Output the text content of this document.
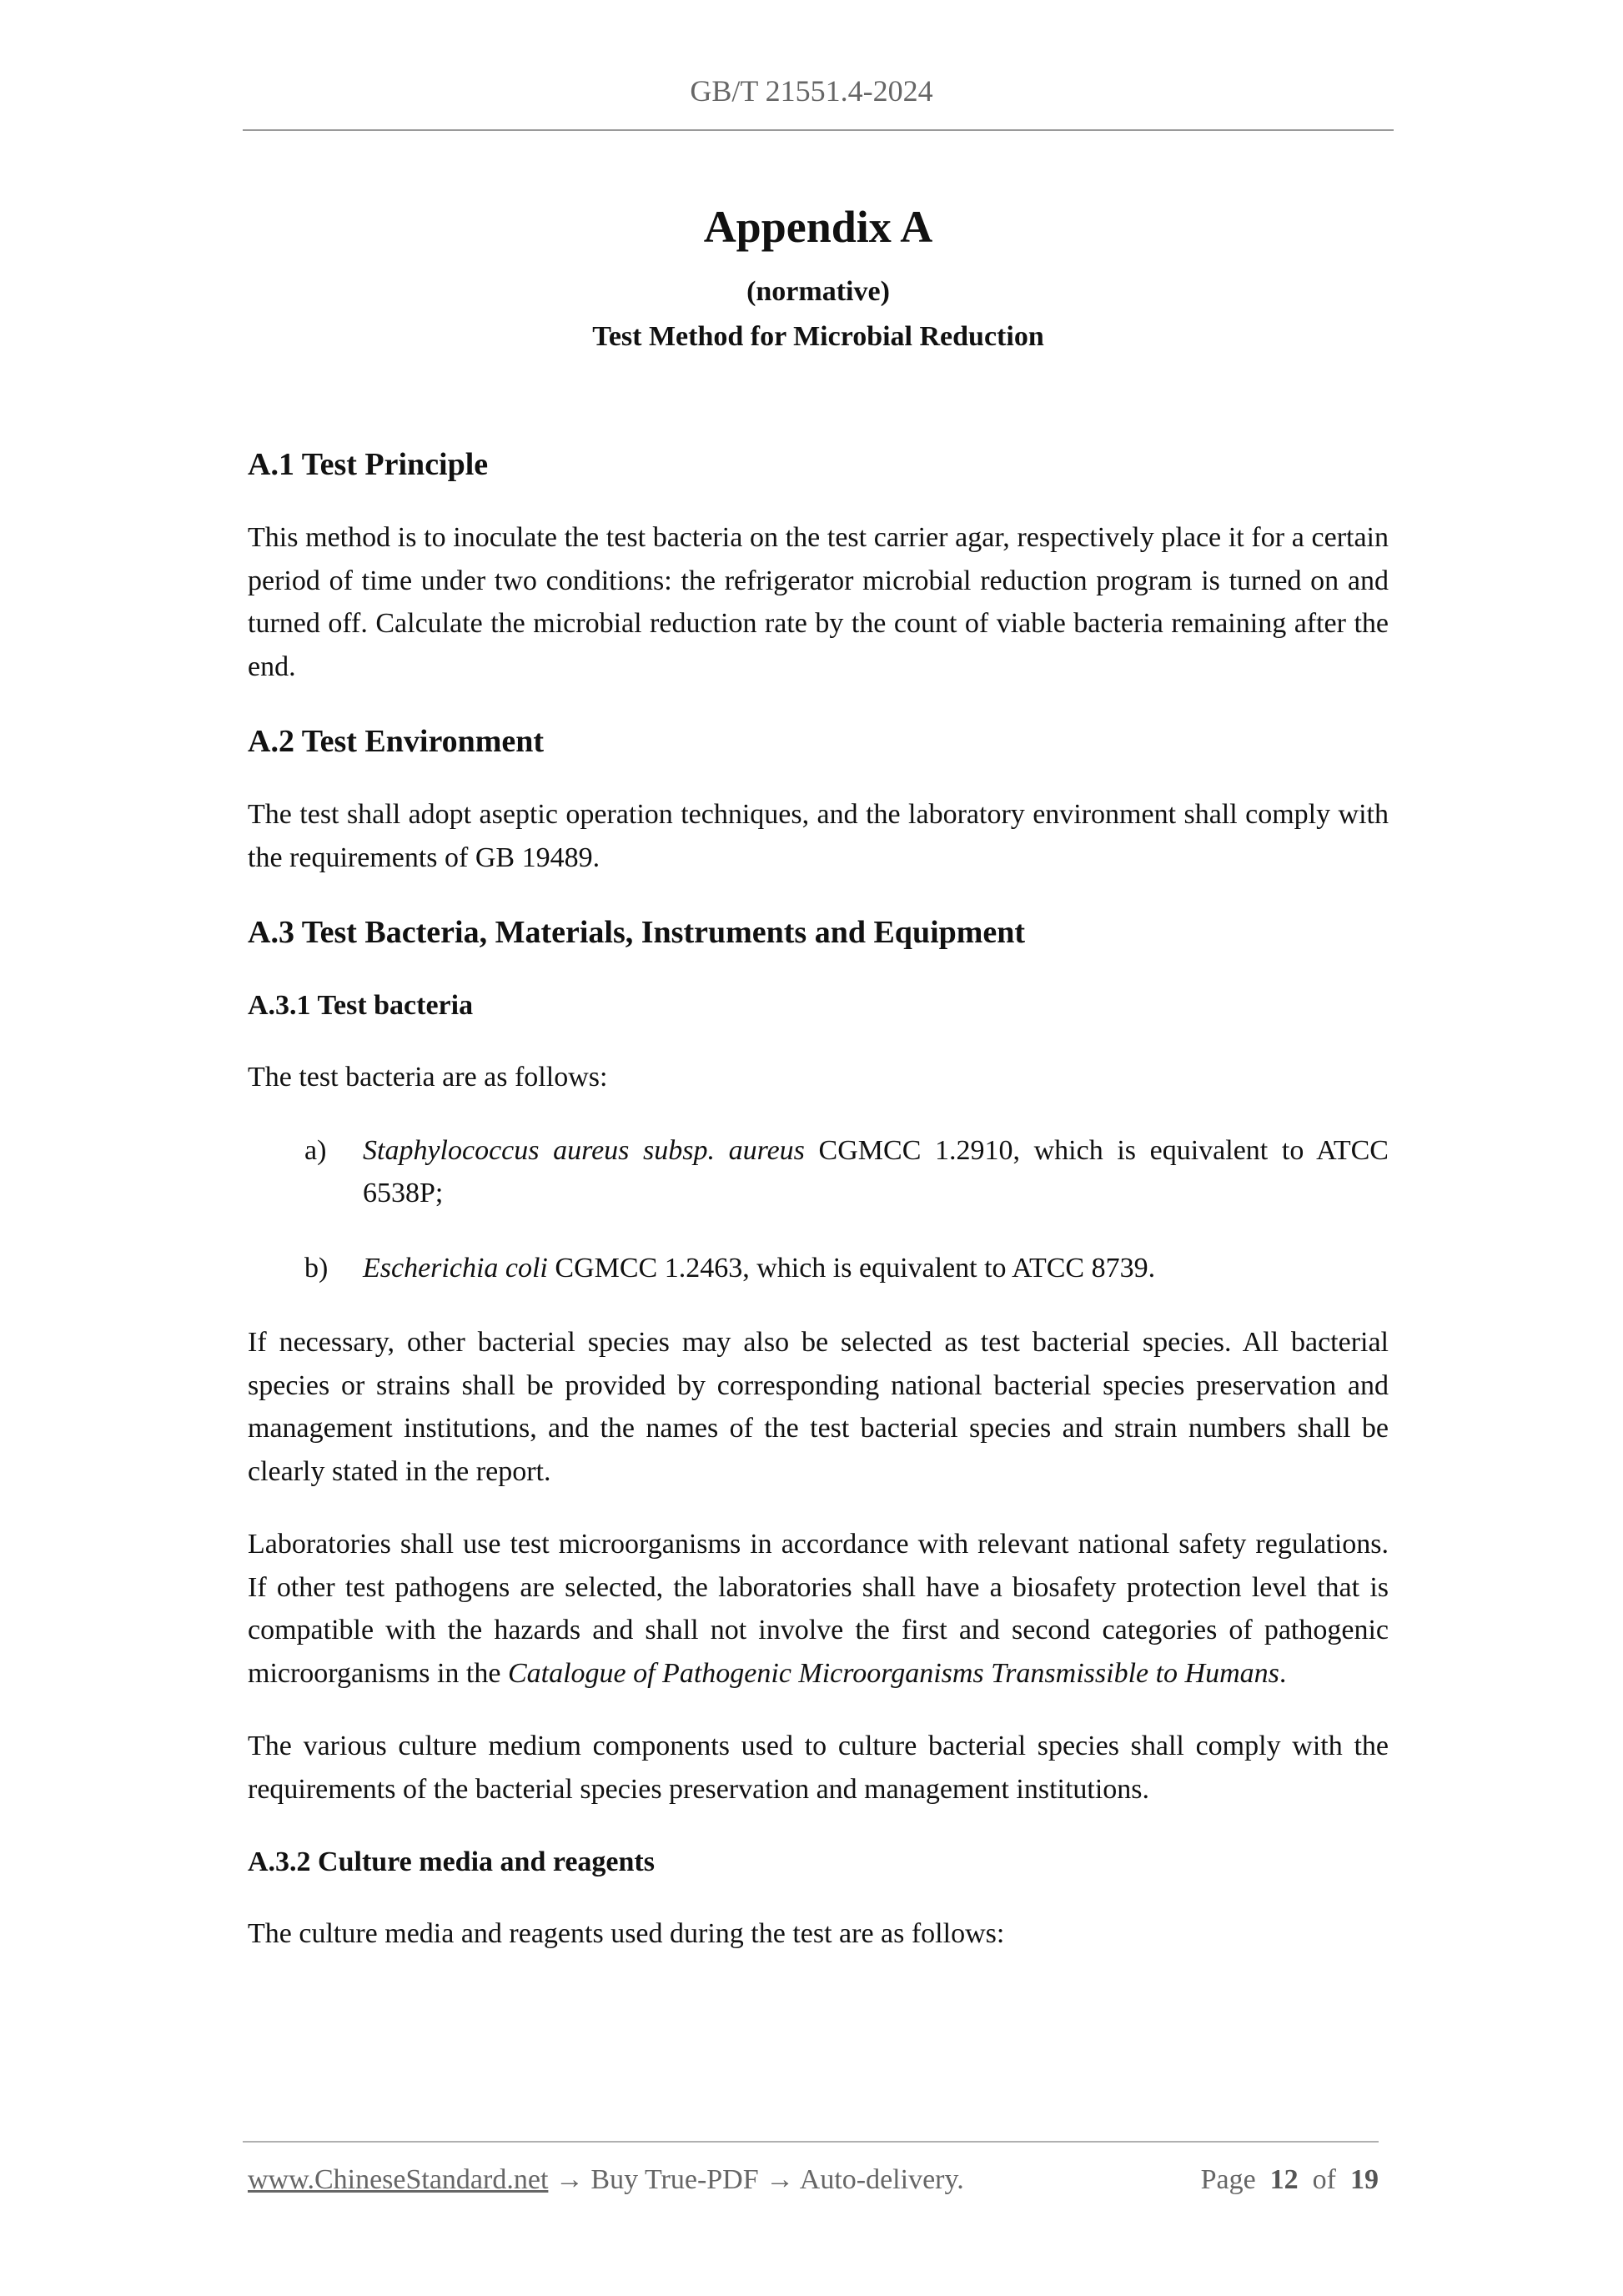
GB/T 21551.4-2024
Appendix A
(normative)
Test Method for Microbial Reduction
A.1 Test Principle

This method is to inoculate the test bacteria on the test carrier agar, respectively place it for a certain period of time under two conditions: the refrigerator microbial reduction program is turned on and turned off. Calculate the microbial reduction rate by the count of viable bacteria remaining after the end.

A.2 Test Environment

The test shall adopt aseptic operation techniques, and the laboratory environment shall comply with the requirements of GB 19489.

A.3 Test Bacteria, Materials, Instruments and Equipment
A.3.1 Test bacteria

The test bacteria are as follows:

a) Staphylococcus aureus subsp. aureus CGMCC 1.2910, which is equivalent to ATCC 6538P;
b) Escherichia coli CGMCC 1.2463, which is equivalent to ATCC 8739.

If necessary, other bacterial species may also be selected as test bacterial species. All bacterial species or strains shall be provided by corresponding national bacterial species preservation and management institutions, and the names of the test bacterial species and strain numbers shall be clearly stated in the report.

Laboratories shall use test microorganisms in accordance with relevant national safety regulations. If other test pathogens are selected, the laboratories shall have a biosafety protection level that is compatible with the hazards and shall not involve the first and second categories of pathogenic microorganisms in the Catalogue of Pathogenic Microorganisms Transmissible to Humans.

The various culture medium components used to culture bacterial species shall comply with the requirements of the bacterial species preservation and management institutions.

A.3.2 Culture media and reagents

The culture media and reagents used during the test are as follows:

www.ChineseStandard.net → Buy True-PDF → Auto-delivery.	Page 12 of 19
